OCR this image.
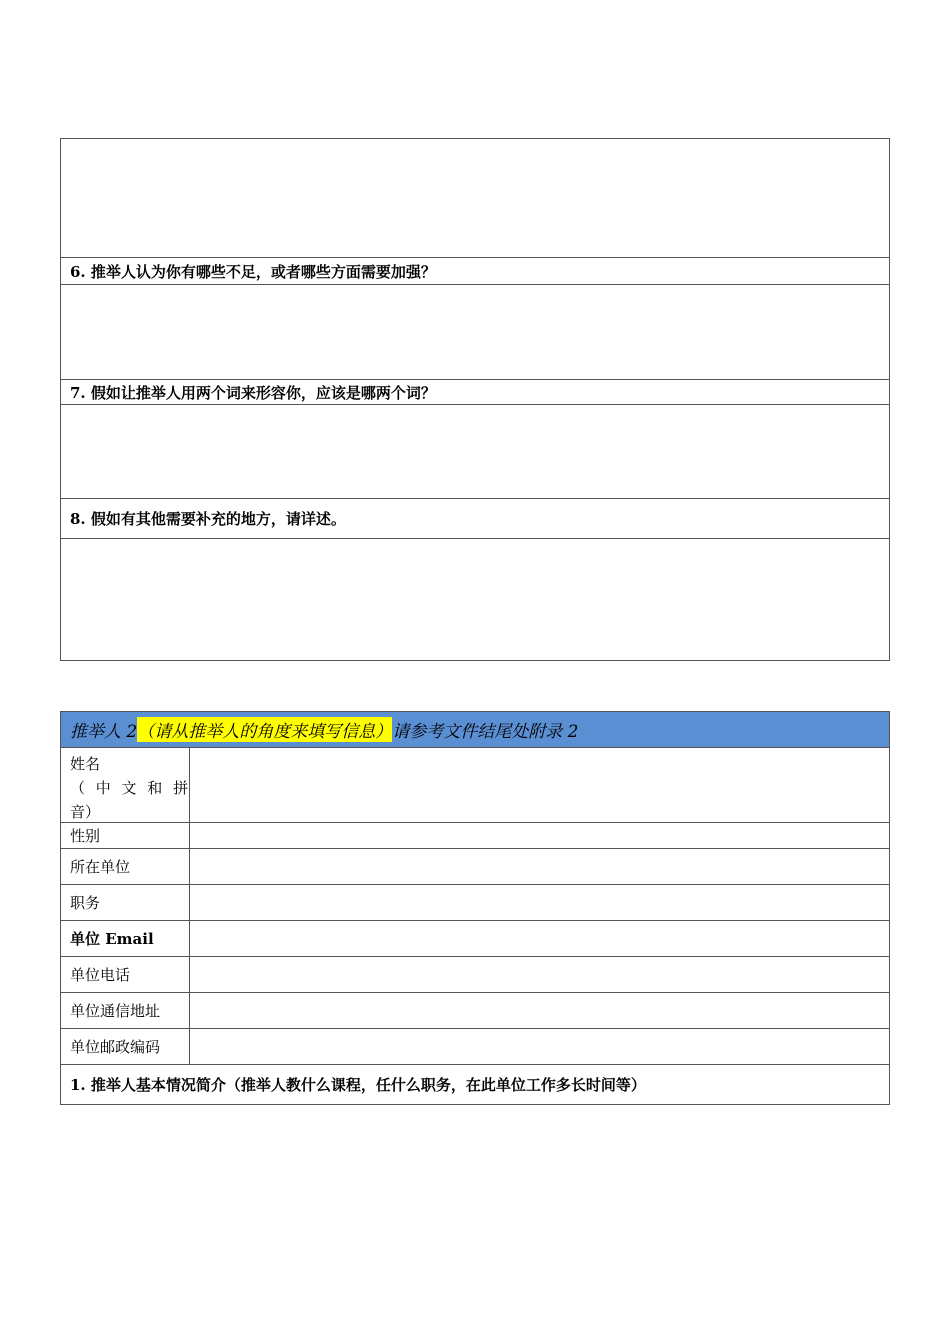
6. 推举人认为你有哪些不足，或者哪些方面需要加强？
7. 假如让推举人用两个词来形容你，应该是哪两个词？
8. 假如有其他需要补充的地方，请详述。
推举人 2 （请从推举人的角度来填写信息） 请参考文件结尾处附录 2
姓名
（ 中 文 和 拼
音）
性别
所在单位
职务
单位 Email
单位电话
单位通信地址
单位邮政编码
1. 推举人基本情况简介（推举人教什么课程，任什么职务，在此单位工作多长时间等）
